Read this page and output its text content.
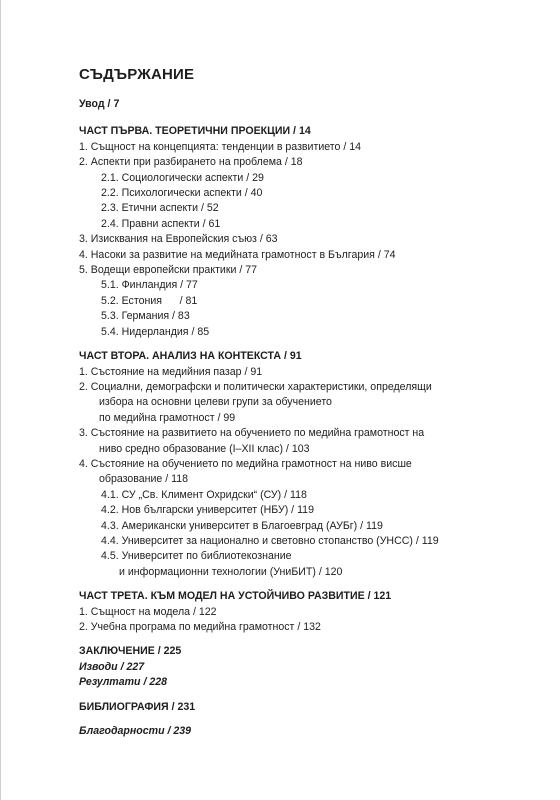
СЪДЪРЖАНИЕ
Увод / 7
ЧАСТ ПЪРВА. ТЕОРЕТИЧНИ ПРОЕКЦИИ / 14
1. Същност на концепцията: тенденции в развитието / 14
2. Аспекти при разбирането на проблема / 18
2.1. Социологически аспекти / 29
2.2. Психологически аспекти / 40
2.3. Етични аспекти / 52
2.4. Правни аспекти / 61
3. Изисквания на Европейския съюз / 63
4. Насоки за развитие на медийната грамотност в България / 74
5. Водещи европейски практики / 77
5.1. Финландия / 77
5.2. Естония      / 81
5.3. Германия / 83
5.4. Нидерландия / 85
ЧАСТ ВТОРА. АНАЛИЗ НА КОНТЕКСТА / 91
1. Състояние на медийния пазар / 91
2. Социални, демографски и политически характеристики, определящи
избора на основни целеви групи за обучението
по медийна грамотност / 99
3. Състояние на развитието на обучението по медийна грамотност на
ниво средно образование (I–XII клас) / 103
4. Състояние на обучението по медийна грамотност на ниво висше
образование / 118
4.1. СУ „Св. Климент Охридски“ (СУ) / 118
4.2. Нов български университет (НБУ) / 119
4.3. Американски университет в Благоевград (АУБг) / 119
4.4. Университет за национално и световно стопанство (УНСС) / 119
4.5. Университет по библиотекознание
и информационни технологии (УниБИТ) / 120
ЧАСТ ТРЕТА. КЪМ МОДЕЛ НА УСТОЙЧИВО РАЗВИТИЕ / 121
1. Същност на модела / 122
2. Учебна програма по медийна грамотност / 132
ЗАКЛЮЧЕНИЕ / 225
Изводи / 227
Резултати / 228
БИБЛИОГРАФИЯ / 231
Благодарности / 239
